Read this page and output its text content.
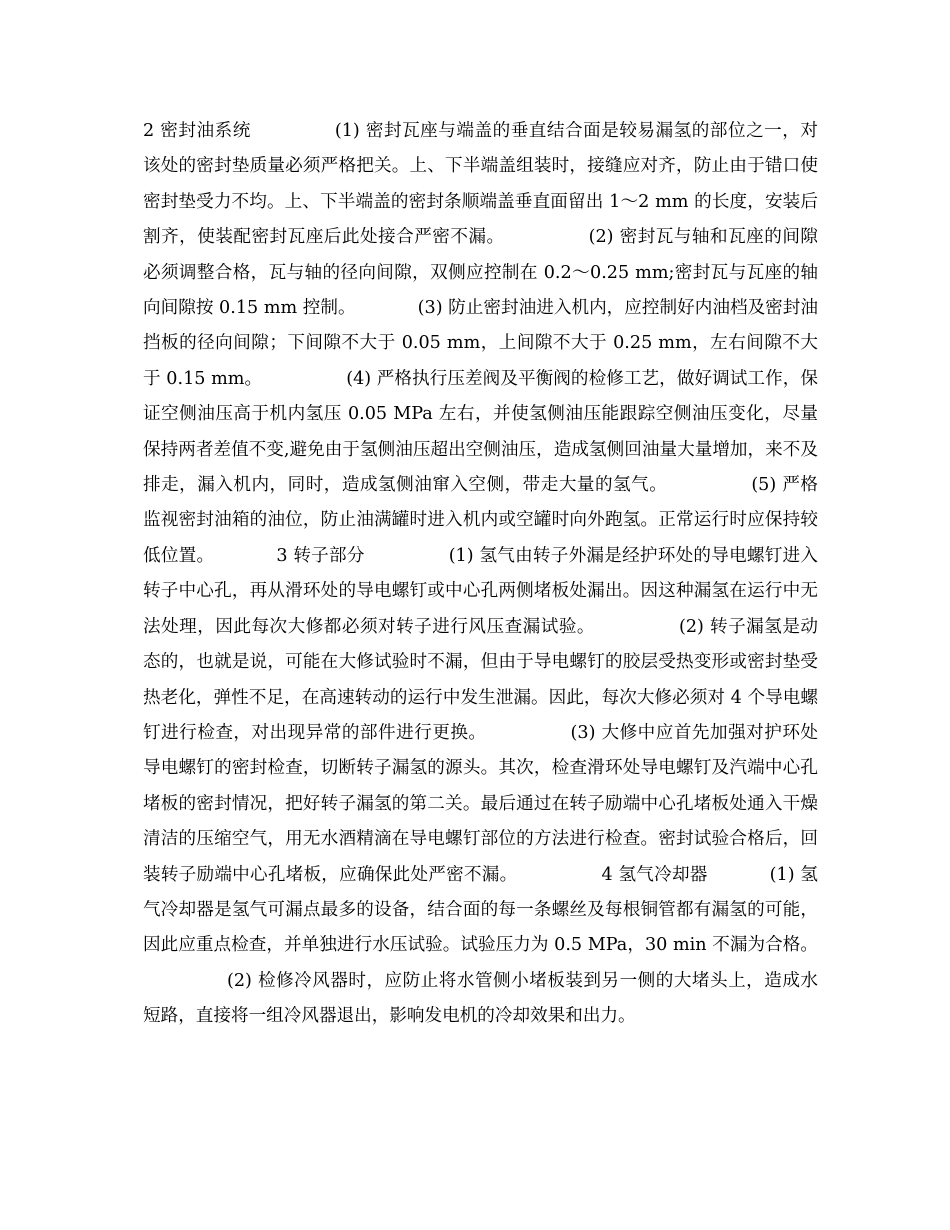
2 密封油系统	(1) 密封瓦座与端盖的垂直结合面是较易漏氢的部位之一，对该处的密封垫质量必须严格把关。上、下半端盖组装时，接缝应对齐，防止由于错口使密封垫受力不均。上、下半端盖的密封条顺端盖垂直面留出 1～2 mm 的长度，安装后割齐，使装配密封瓦座后此处接合严密不漏。	(2) 密封瓦与轴和瓦座的间隙必须调整合格，瓦与轴的径向间隙，双侧应控制在 0.2～0.25 mm;密封瓦与瓦座的轴向间隙按 0.15 mm 控制。	(3) 防止密封油进入机内，应控制好内油档及密封油挡板的径向间隙；下间隙不大于 0.05 mm，上间隙不大于 0.25 mm，左右间隙不大于 0.15 mm。	(4) 严格执行压差阀及平衡阀的检修工艺，做好调试工作，保证空侧油压高于机内氢压 0.05 MPa 左右，并使氢侧油压能跟踪空侧油压变化，尽量保持两者差值不变,避免由于氢侧油压超出空侧油压，造成氢侧回油量大量增加，来不及排走，漏入机内，同时，造成氢侧油窜入空侧，带走大量的氢气。	(5) 严格监视密封油箱的油位，防止油满罐时进入机内或空罐时向外跑氢。正常运行时应保持较低位置。	3 转子部分	(1) 氢气由转子外漏是经护环处的导电螺钉进入转子中心孔，再从滑环处的导电螺钉或中心孔两侧堵板处漏出。因这种漏氢在运行中无法处理，因此每次大修都必须对转子进行风压查漏试验。	(2) 转子漏氢是动态的，也就是说，可能在大修试验时不漏，但由于导电螺钉的胶层受热变形或密封垫受热老化，弹性不足，在高速转动的运行中发生泄漏。因此，每次大修必须对 4 个导电螺钉进行检查，对出现异常的部件进行更换。	(3) 大修中应首先加强对护环处导电螺钉的密封检查，切断转子漏氢的源头。其次，检查滑环处导电螺钉及汽端中心孔堵板的密封情况，把好转子漏氢的第二关。最后通过在转子励端中心孔堵板处通入干燥清洁的压缩空气，用无水酒精滴在导电螺钉部位的方法进行检查。密封试验合格后，回装转子励端中心孔堵板，应确保此处严密不漏。	4 氢气冷却器	(1) 氢气冷却器是氢气可漏点最多的设备，结合面的每一条螺丝及每根铜管都有漏氢的可能，因此应重点检查，并单独进行水压试验。试验压力为 0.5 MPa，30 min 不漏为合格。(2) 检修冷风器时，应防止将水管侧小堵板装到另一侧的大堵头上，造成水短路，直接将一组冷风器退出，影响发电机的冷却效果和出力。
